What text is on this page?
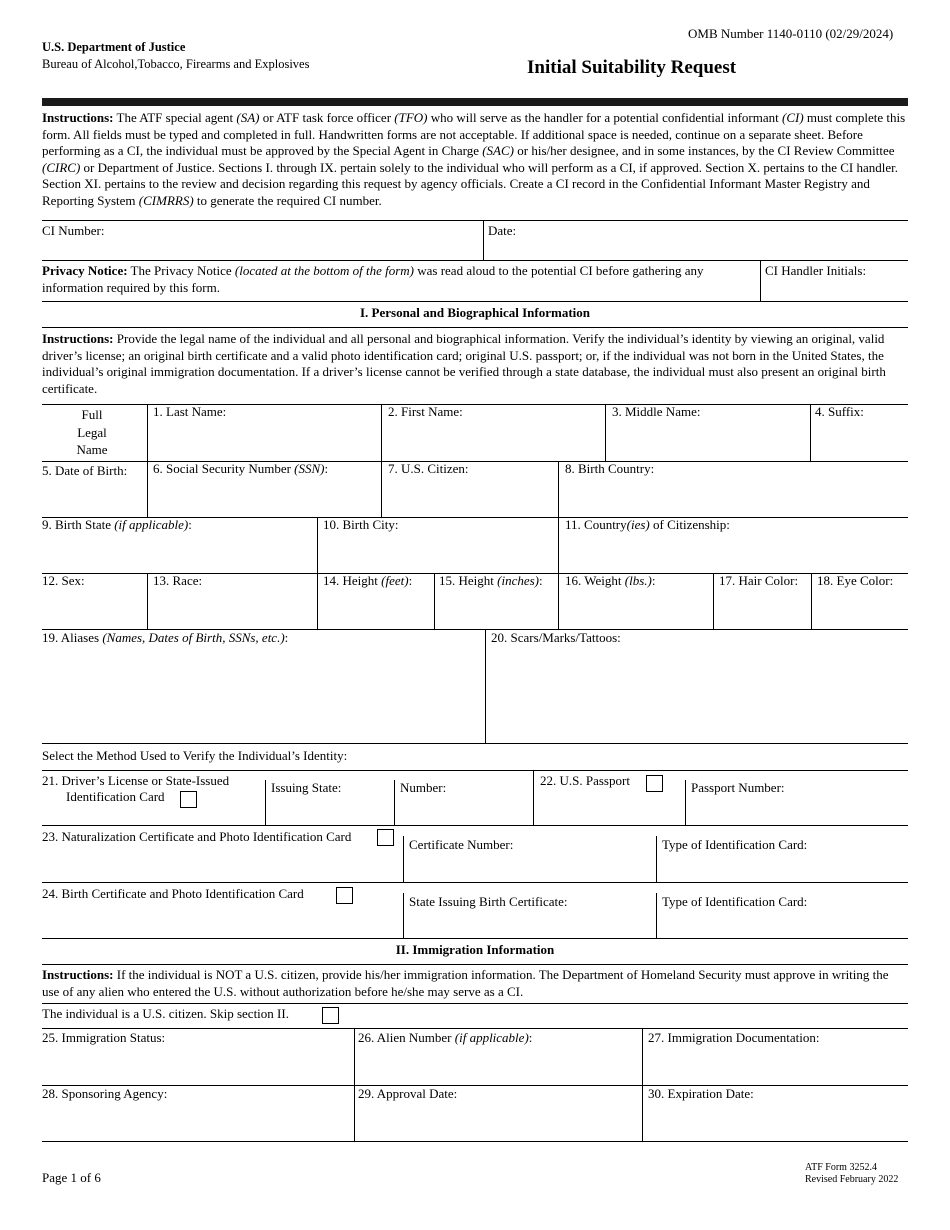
U.S. Department of Justice
Bureau of Alcohol,Tobacco, Firearms and Explosives
OMB Number 1140-0110 (02/29/2024)
Initial Suitability Request
Instructions: The ATF special agent (SA) or ATF task force officer (TFO) who will serve as the handler for a potential confidential informant (CI) must complete this form. All fields must be typed and completed in full. Handwritten forms are not acceptable. If additional space is needed, continue on a separate sheet. Before performing as a CI, the individual must be approved by the Special Agent in Charge (SAC) or his/her designee, and in some instances, by the CI Review Committee (CIRC) or Department of Justice. Sections I. through IX. pertain solely to the individual who will perform as a CI, if approved. Section X. pertains to the CI handler. Section XI. pertains to the review and decision regarding this request by agency officials. Create a CI record in the Confidential Informant Master Registry and Reporting System (CIMRRS) to generate the required CI number.
CI Number:	Date:
Privacy Notice: The Privacy Notice (located at the bottom of the form) was read aloud to the potential CI before gathering any information required by this form.
CI Handler Initials:
I. Personal and Biographical Information
Instructions: Provide the legal name of the individual and all personal and biographical information. Verify the individual’s identity by viewing an original, valid driver’s license; an original birth certificate and a valid photo identification card; original U.S. passport; or, if the individual was not born in the United States, the individual’s original immigration documentation. If a driver’s license cannot be verified through a state database, the individual must also present an original birth certificate.
Full
Legal
Name
1. Last Name:	2. First Name:	3. Middle Name:	4. Suffix:
5. Date of Birth: 6. Social Security Number (SSN):	7. U.S. Citizen:	8. Birth Country:
9. Birth State (if applicable):	10. Birth City:	11. Country(ies) of Citizenship:
12. Sex:	13. Race:	14. Height (feet): 15. Height (inches): 16. Weight (lbs.):	17. Hair Color: 18. Eye Color:
19. Aliases (Names, Dates of Birth, SSNs, etc.):	20. Scars/Marks/Tattoos:
Select the Method Used to Verify the Individual’s Identity:
21. Driver’s License or State-Issued
Identification Card
Issuing State:	Number:	22. U.S. Passport	Passport Number:
23. Naturalization Certificate and Photo Identification Card
Certificate Number:	Type of Identification Card:
24. Birth Certificate and Photo Identification Card
State Issuing Birth Certificate:	Type of Identification Card:
II. Immigration Information
Instructions: If the individual is NOT a U.S. citizen, provide his/her immigration information. The Department of Homeland Security must approve in writing the use of any alien who entered the U.S. without authorization before he/she may serve as a CI.
The individual is a U.S. citizen. Skip section II.
25. Immigration Status:	26. Alien Number (if applicable):	27. Immigration Documentation:
28. Sponsoring Agency:	29. Approval Date:	30. Expiration Date:
Page 1 of 6
ATF Form 3252.4
Revised February 2022
